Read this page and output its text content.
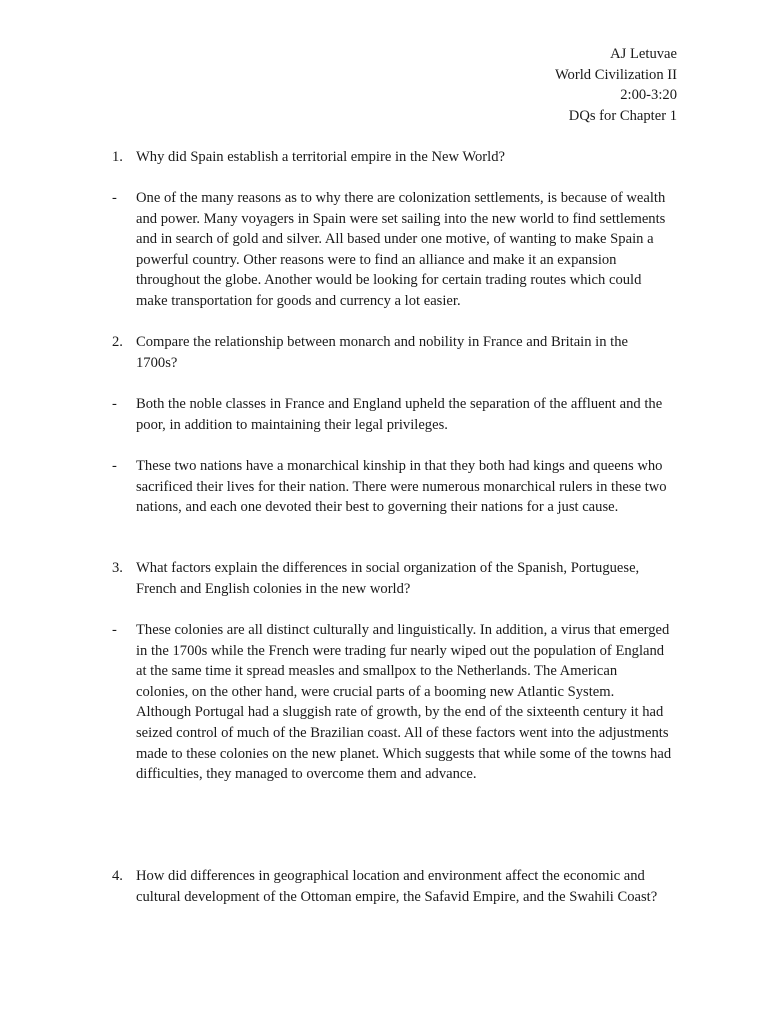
AJ Letuvae
World Civilization II
2:00-3:20
DQs for Chapter 1
1. Why did Spain establish a territorial empire in the New World?
- One of the many reasons as to why there are colonization settlements, is because of wealth and power. Many voyagers in Spain were set sailing into the new world to find settlements and in search of gold and silver. All based under one motive, of wanting to make Spain a powerful country. Other reasons were to find an alliance and make it an expansion throughout the globe. Another would be looking for certain trading routes which could make transportation for goods and currency a lot easier.
2. Compare the relationship between monarch and nobility in France and Britain in the 1700s?
- Both the noble classes in France and England upheld the separation of the affluent and the poor, in addition to maintaining their legal privileges.
- These two nations have a monarchical kinship in that they both had kings and queens who sacrificed their lives for their nation. There were numerous monarchical rulers in these two nations, and each one devoted their best to governing their nations for a just cause.
3. What factors explain the differences in social organization of the Spanish, Portuguese, French and English colonies in the new world?
- These colonies are all distinct culturally and linguistically. In addition, a virus that emerged in the 1700s while the French were trading fur nearly wiped out the population of England at the same time it spread measles and smallpox to the Netherlands. The American colonies, on the other hand, were crucial parts of a booming new Atlantic System. Although Portugal had a sluggish rate of growth, by the end of the sixteenth century it had seized control of much of the Brazilian coast. All of these factors went into the adjustments made to these colonies on the new planet. Which suggests that while some of the towns had difficulties, they managed to overcome them and advance.
4. How did differences in geographical location and environment affect the economic and cultural development of the Ottoman empire, the Safavid Empire, and the Swahili Coast?
